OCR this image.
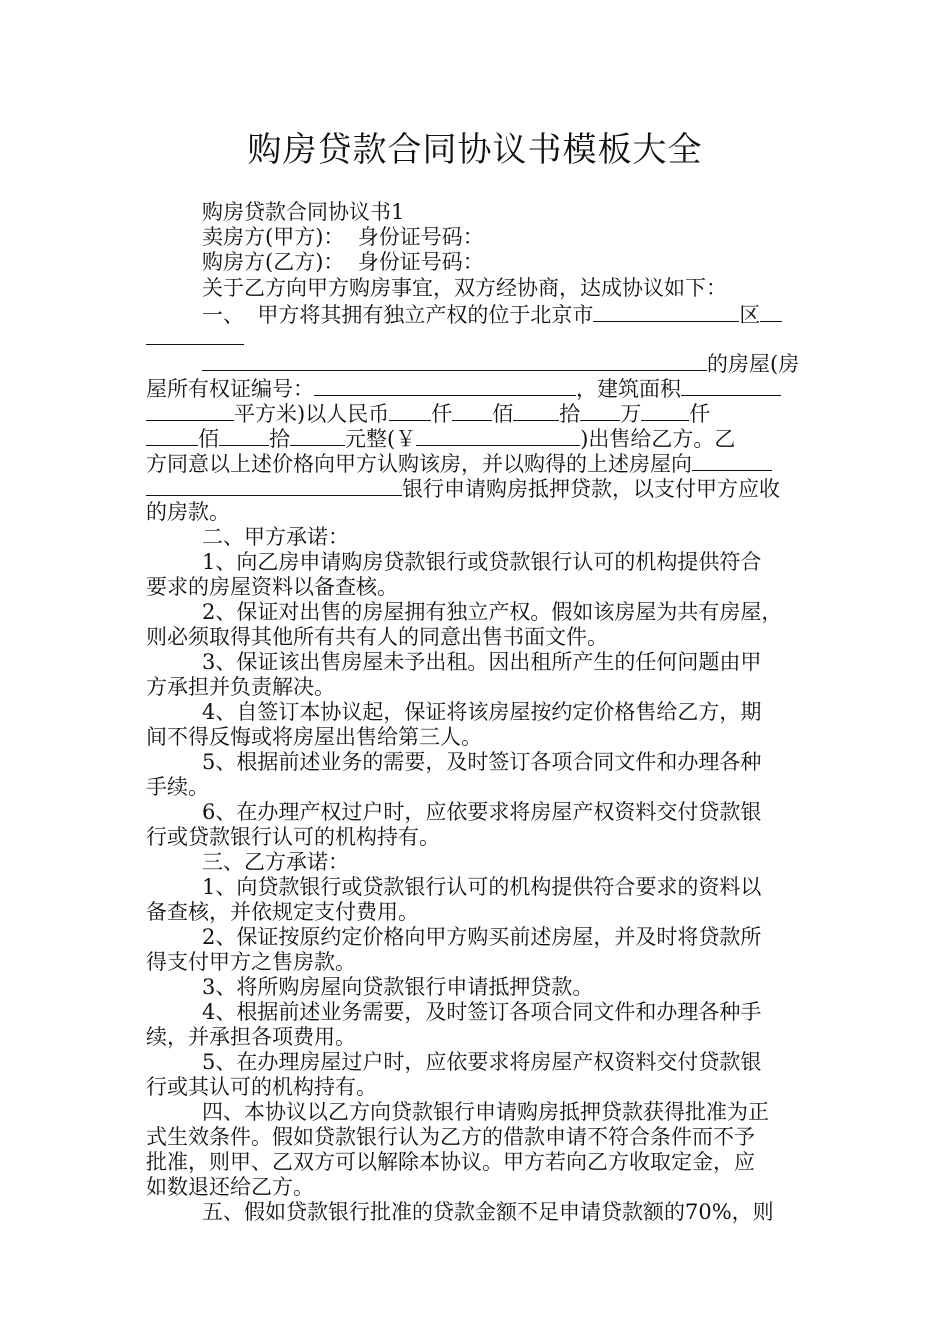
购房贷款合同协议书模板大全
购房贷款合同协议书1
卖房方(甲方)：  身份证号码：
购房方(乙方)：  身份证号码：
关于乙方向甲方购房事宜，双方经协商，达成协议如下：
一、  甲方将其拥有独立产权的位于北京市	区
的房屋(房
屋所有权证编号：	，建筑面积
平方米)以人民币 仟 佰 拾 万 仟
佰 拾	元整(￥	)出售给乙方。乙
方同意以上述价格向甲方认购该房，并以购得的上述房屋向
银行申请购房抵押贷款，以支付甲方应收
的房款。
二、甲方承诺：
1、向乙房申请购房贷款银行或贷款银行认可的机构提供符合
要求的房屋资料以备查核。
2、保证对出售的房屋拥有独立产权。假如该房屋为共有房屋，
则必须取得其他所有共有人的同意出售书面文件。
3、保证该出售房屋未予出租。因出租所产生的任何问题由甲
方承担并负责解决。
4、自签订本协议起，保证将该房屋按约定价格售给乙方，期
间不得反悔或将房屋出售给第三人。
5、根据前述业务的需要，及时签订各项合同文件和办理各种
手续。
6、在办理产权过户时，应依要求将房屋产权资料交付贷款银
行或贷款银行认可的机构持有。
三、乙方承诺：
1、向贷款银行或贷款银行认可的机构提供符合要求的资料以
备查核，并依规定支付费用。
2、保证按原约定价格向甲方购买前述房屋，并及时将贷款所
得支付甲方之售房款。
3、将所购房屋向贷款银行申请抵押贷款。
4、根据前述业务需要，及时签订各项合同文件和办理各种手
续，并承担各项费用。
5、在办理房屋过户时，应依要求将房屋产权资料交付贷款银
行或其认可的机构持有。
四、本协议以乙方向贷款银行申请购房抵押贷款获得批准为正
式生效条件。假如贷款银行认为乙方的借款申请不符合条件而不予
批准，则甲、乙双方可以解除本协议。甲方若向乙方收取定金，应
如数退还给乙方。
五、假如贷款银行批准的贷款金额不足申请贷款额的70%，则
